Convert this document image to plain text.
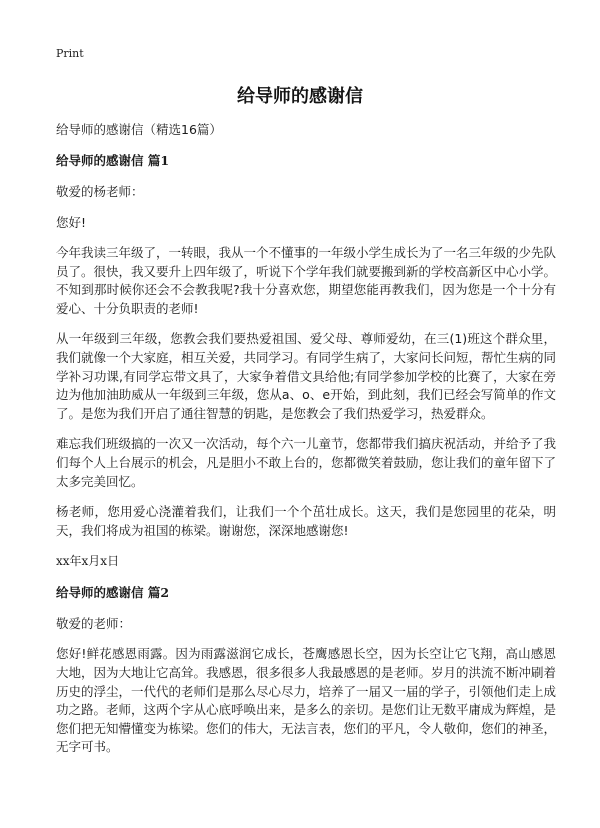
Print
给导师的感谢信

给导师的感谢信（精选16篇）

给导师的感谢信 篇1

敬爱的杨老师：

您好!

今年我读三年级了，一转眼，我从一个不懂事的一年级小学生成长为了一名三年级的少先队员了。很快，我又要升上四年级了，听说下个学年我们就要搬到新的学校高新区中心小学。不知到那时候你还会不会教我呢?我十分喜欢您，期望您能再教我们，因为您是一个十分有爱心、十分负职责的老师!

从一年级到三年级，您教会我们要热爱祖国、爱父母、尊师爱幼，在三(1)班这个群众里，我们就像一个大家庭，相互关爱，共同学习。有同学生病了，大家问长问短，帮忙生病的同学补习功课,有同学忘带文具了，大家争着借文具给他;有同学参加学校的比赛了，大家在旁边为他加油助威从一年级到三年级，您从a、o、e开始，到此刻，我们已经会写简单的作文了。是您为我们开启了通往智慧的钥匙，是您教会了我们热爱学习，热爱群众。

难忘我们班级搞的一次又一次活动，每个六一儿童节，您都带我们搞庆祝活动，并给予了我们每个人上台展示的机会，凡是胆小不敢上台的，您都微笑着鼓励，您让我们的童年留下了太多完美回忆。

杨老师，您用爱心浇灌着我们，让我们一个个茁壮成长。这天，我们是您园里的花朵，明天，我们将成为祖国的栋梁。谢谢您，深深地感谢您!

xx年x月x日

给导师的感谢信 篇2

敬爱的老师：

您好!鲜花感恩雨露。因为雨露滋润它成长，苍鹰感恩长空，因为长空让它飞翔，高山感恩大地，因为大地让它高耸。我感恩，很多很多人我最感恩的是老师。岁月的洪流不断冲刷着历史的浮尘，一代代的老师们是那么尽心尽力，培养了一届又一届的学子，引领他们走上成功之路。老师，这两个字从心底呼唤出来，是多么的亲切。是您们让无数平庸成为辉煌，是您们把无知懵懂变为栋梁。您们的伟大，无法言表，您们的平凡，令人敬仰，您们的神圣，无字可书。
